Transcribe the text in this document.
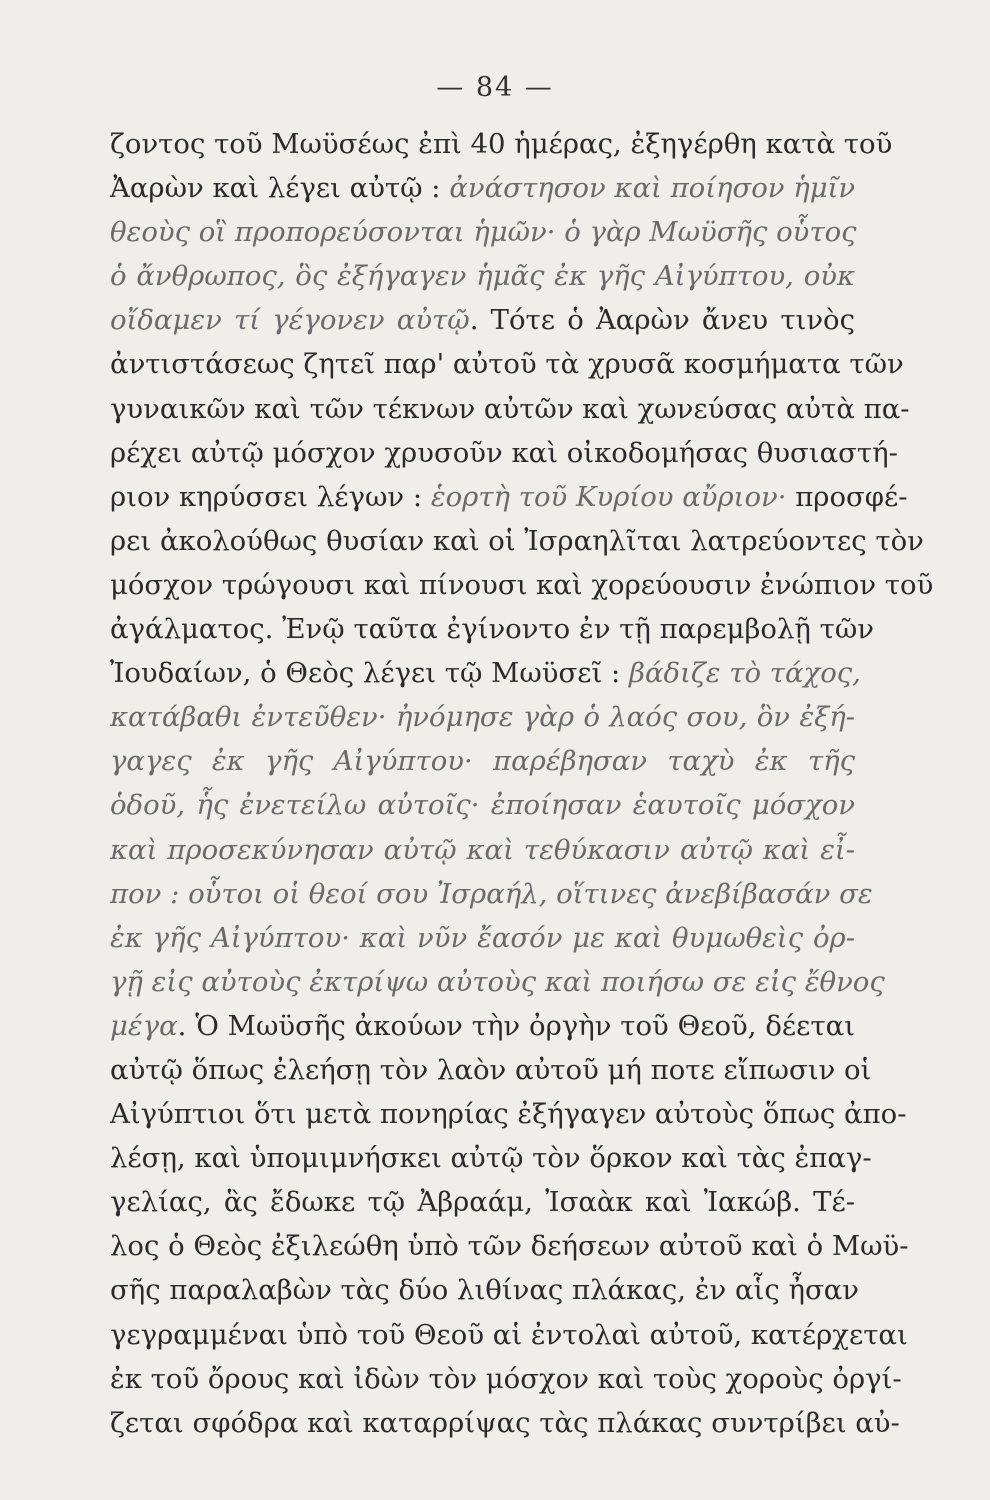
— 84 —
ζοντος τοῦ Μωϋσέως ἐπὶ 40 ἡμέρας, ἐξηγέρθη κατὰ τοῦ
Ἀαρὼν καὶ λέγει αὐτῷ : ἀνάστησον καὶ ποίησον ἡμῖν
θεοὺς οἳ προπορεύσονται ἡμῶν· ὁ γὰρ Μωϋσῆς οὗτος
ὁ ἄνθρωπος, ὃς ἐξήγαγεν ἡμᾶς ἐκ γῆς Αἰγύπτου, οὐκ
οἴδαμεν τί γέγονεν αὐτῷ. Τότε ὁ Ἀαρὼν ἄνευ τινὸς
ἀντιστάσεως ζητεῖ παρ' αὐτοῦ τὰ χρυσᾶ κοσμήματα τῶν
γυναικῶν καὶ τῶν τέκνων αὐτῶν καὶ χωνεύσας αὐτὰ πα-
ρέχει αὐτῷ μόσχον χρυσοῦν καὶ οἰκοδομήσας θυσιαστή-
ριον κηρύσσει λέγων : ἑορτὴ τοῦ Κυρίου αὔριον· προσφέ-
ρει ἀκολούθως θυσίαν καὶ οἱ Ἰσραηλῖται λατρεύοντες τὸν
μόσχον τρώγουσι καὶ πίνουσι καὶ χορεύουσιν ἐνώπιον τοῦ
ἀγάλματος. Ἐνῷ ταῦτα ἐγίνοντο ἐν τῇ παρεμβολῇ τῶν
Ἰουδαίων, ὁ Θεὸς λέγει τῷ Μωϋσεῖ : βάδιζε τὸ τάχος,
κατάβαθι ἐντεῦθεν· ἠνόμησε γὰρ ὁ λαός σου, ὃν ἐξή-
γαγες ἐκ γῆς Αἰγύπτου· παρέβησαν ταχὺ ἐκ τῆς
ὁδοῦ, ἧς ἐνετείλω αὐτοῖς· ἐποίησαν ἑαυτοῖς μόσχον
καὶ προσεκύνησαν αὐτῷ καὶ τεθύκασιν αὐτῷ καὶ εἶ-
πον : οὗτοι οἱ θεοί σου Ἰσραήλ, οἵτινες ἀνεβίβασάν σε
ἐκ γῆς Αἰγύπτου· καὶ νῦν ἔασόν με καὶ θυμωθεὶς ὀρ-
γῇ εἰς αὐτοὺς ἐκτρίψω αὐτοὺς καὶ ποιήσω σε εἰς ἔθνος
μέγα. Ὁ Μωϋσῆς ἀκούων τὴν ὀργὴν τοῦ Θεοῦ, δέεται
αὐτῷ ὅπως ἐλεήσῃ τὸν λαὸν αὐτοῦ μή ποτε εἴπωσιν οἱ
Αἰγύπτιοι ὅτι μετὰ πονηρίας ἐξήγαγεν αὐτοὺς ὅπως ἀπο-
λέσῃ, καὶ ὑπομιμνήσκει αὐτῷ τὸν ὅρκον καὶ τὰς ἐπαγ-
γελίας, ἃς ἔδωκε τῷ Ἀβραάμ, Ἰσαὰκ καὶ Ἰακώβ. Τέ-
λος ὁ Θεὸς ἐξιλεώθη ὑπὸ τῶν δεήσεων αὐτοῦ καὶ ὁ Μωϋ-
σῆς παραλαβὼν τὰς δύο λιθίνας πλάκας, ἐν αἷς ἦσαν
γεγραμμέναι ὑπὸ τοῦ Θεοῦ αἱ ἐντολαὶ αὐτοῦ, κατέρχεται
ἐκ τοῦ ὄρους καὶ ἰδὼν τὸν μόσχον καὶ τοὺς χοροὺς ὀργί-
ζεται σφόδρα καὶ καταρρίψας τὰς πλάκας συντρίβει αὐ-
